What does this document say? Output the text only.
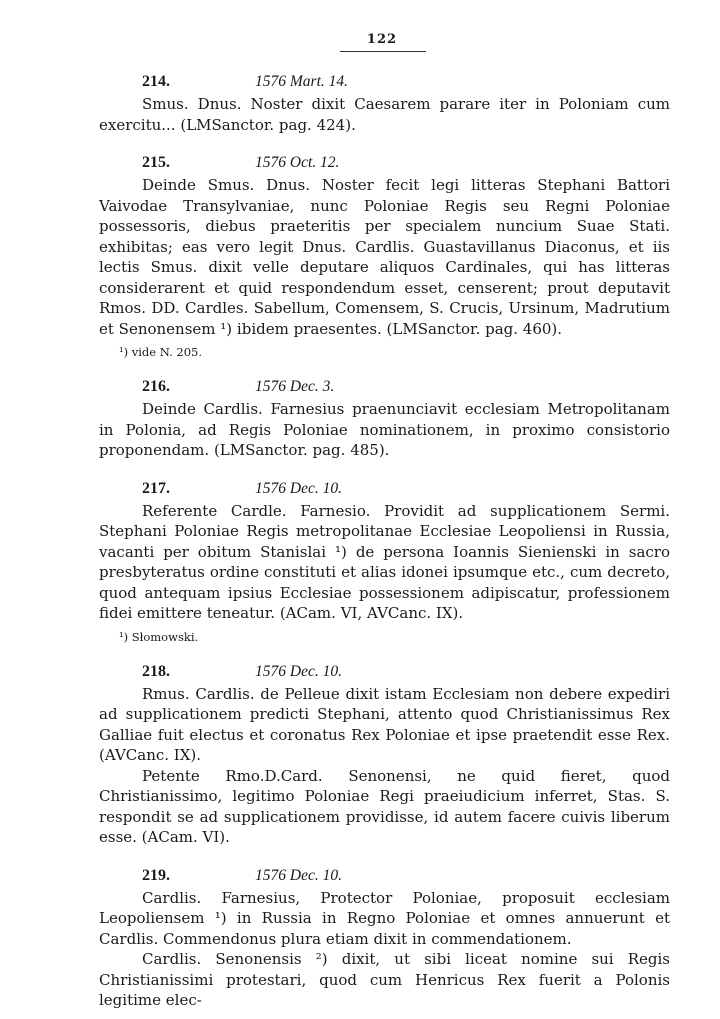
122
214.	1576 Mart. 14.

Smus. Dnus. Noster dixit Caesarem parare iter in Poloniam cum exercitu... (LMSanctor. pag. 424).

215.	1576 Oct. 12.

Deinde Smus. Dnus. Noster fecit legi litteras Stephani Battori Vaivodae Transylvaniae, nunc Poloniae Regis seu Regni Poloniae possessoris, diebus praeteritis per specialem nuncium Suae Stati. exhibitas; eas vero legit Dnus. Cardlis. Guastavillanus Diaconus, et iis lectis Smus. dixit velle deputare aliquos Cardinales, qui has litteras considerarent et quid respondendum esset, censerent; prout deputavit Rmos. DD. Cardles. Sabellum, Comensem, S. Crucis, Ursinum, Madrutium et Senonensem ¹) ibidem praesentes. (LMSanctor. pag. 460).

¹) vide N. 205.

216.	1576 Dec. 3.

Deinde Cardlis. Farnesius praenunciavit ecclesiam Metropolitanam in Polonia, ad Regis Poloniae nominationem, in proximo consistorio proponendam. (LMSanctor. pag. 485).

217.	1576 Dec. 10.

Referente Cardle. Farnesio. Providit ad supplicationem Sermi. Stephani Poloniae Regis metropolitanae Ecclesiae Leopoliensi in Russia, vacanti per obitum Stanislai ¹) de persona Ioannis Sienienski in sacro presbyteratus ordine constituti et alias idonei ipsumque etc., cum decreto, quod antequam ipsius Ecclesiae possessionem adipiscatur, professionem fidei emittere teneatur. (ACam. VI, AVCanc. IX).

¹) Słomowski.

218.	1576 Dec. 10.

Rmus. Cardlis. de Pelleue dixit istam Ecclesiam non debere expediri ad supplicationem predicti Stephani, attento quod Christianissimus Rex Galliae fuit electus et coronatus Rex Poloniae et ipse praetendit esse Rex. (AVCanc. IX).

Petente Rmo.D.Card. Senonensi, ne quid fieret, quod Christianissimo, legitimo Poloniae Regi praeiudicium inferret, Stas. S. respondit se ad supplicationem providisse, id autem facere cuivis liberum esse. (ACam. VI).

219.	1576 Dec. 10.

Cardlis. Farnesius, Protector Poloniae, proposuit ecclesiam Leopoliensem ¹) in Russia in Regno Poloniae et omnes annuerunt et Cardlis. Commendonus plura etiam dixit in commendationem.

Cardlis. Senonensis ²) dixit, ut sibi liceat nomine sui Regis Christianissimi protestari, quod cum Henricus Rex fuerit a Polonis legitime elec-
